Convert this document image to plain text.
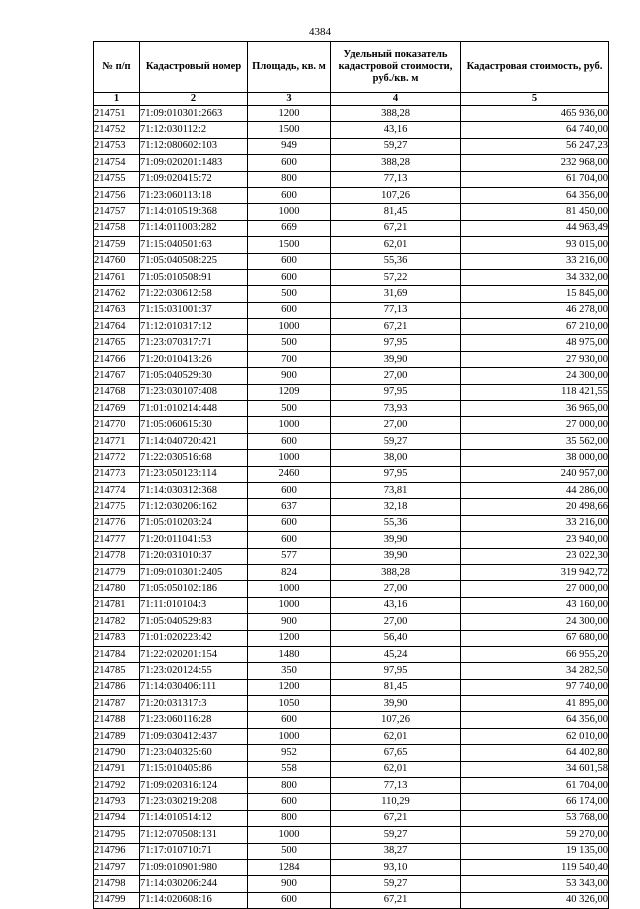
4384
№ п/п	Кадастровый номер	Площадь, кв. м	Удельный показатель кадастровой стоимости, руб./кв. м	Кадастровая стоимость, руб.
1	2	3	4	5
214751	71:09:010301:2663	1200	388,28	465 936,00
214752	71:12:030112:2	1500	43,16	64 740,00
214753	71:12:080602:103	949	59,27	56 247,23
214754	71:09:020201:1483	600	388,28	232 968,00
214755	71:09:020415:72	800	77,13	61 704,00
214756	71:23:060113:18	600	107,26	64 356,00
214757	71:14:010519:368	1000	81,45	81 450,00
214758	71:14:011003:282	669	67,21	44 963,49
214759	71:15:040501:63	1500	62,01	93 015,00
214760	71:05:040508:225	600	55,36	33 216,00
214761	71:05:010508:91	600	57,22	34 332,00
214762	71:22:030612:58	500	31,69	15 845,00
214763	71:15:031001:37	600	77,13	46 278,00
214764	71:12:010317:12	1000	67,21	67 210,00
214765	71:23:070317:71	500	97,95	48 975,00
214766	71:20:010413:26	700	39,90	27 930,00
214767	71:05:040529:30	900	27,00	24 300,00
214768	71:23:030107:408	1209	97,95	118 421,55
214769	71:01:010214:448	500	73,93	36 965,00
214770	71:05:060615:30	1000	27,00	27 000,00
214771	71:14:040720:421	600	59,27	35 562,00
214772	71:22:030516:68	1000	38,00	38 000,00
214773	71:23:050123:114	2460	97,95	240 957,00
214774	71:14:030312:368	600	73,81	44 286,00
214775	71:12:030206:162	637	32,18	20 498,66
214776	71:05:010203:24	600	55,36	33 216,00
214777	71:20:011041:53	600	39,90	23 940,00
214778	71:20:031010:37	577	39,90	23 022,30
214779	71:09:010301:2405	824	388,28	319 942,72
214780	71:05:050102:186	1000	27,00	27 000,00
214781	71:11:010104:3	1000	43,16	43 160,00
214782	71:05:040529:83	900	27,00	24 300,00
214783	71:01:020223:42	1200	56,40	67 680,00
214784	71:22:020201:154	1480	45,24	66 955,20
214785	71:23:020124:55	350	97,95	34 282,50
214786	71:14:030406:111	1200	81,45	97 740,00
214787	71:20:031317:3	1050	39,90	41 895,00
214788	71:23:060116:28	600	107,26	64 356,00
214789	71:09:030412:437	1000	62,01	62 010,00
214790	71:23:040325:60	952	67,65	64 402,80
214791	71:15:010405:86	558	62,01	34 601,58
214792	71:09:020316:124	800	77,13	61 704,00
214793	71:23:030219:208	600	110,29	66 174,00
214794	71:14:010514:12	800	67,21	53 768,00
214795	71:12:070508:131	1000	59,27	59 270,00
214796	71:17:010710:71	500	38,27	19 135,00
214797	71:09:010901:980	1284	93,10	119 540,40
214798	71:14:030206:244	900	59,27	53 343,00
214799	71:14:020608:16	600	67,21	40 326,00
